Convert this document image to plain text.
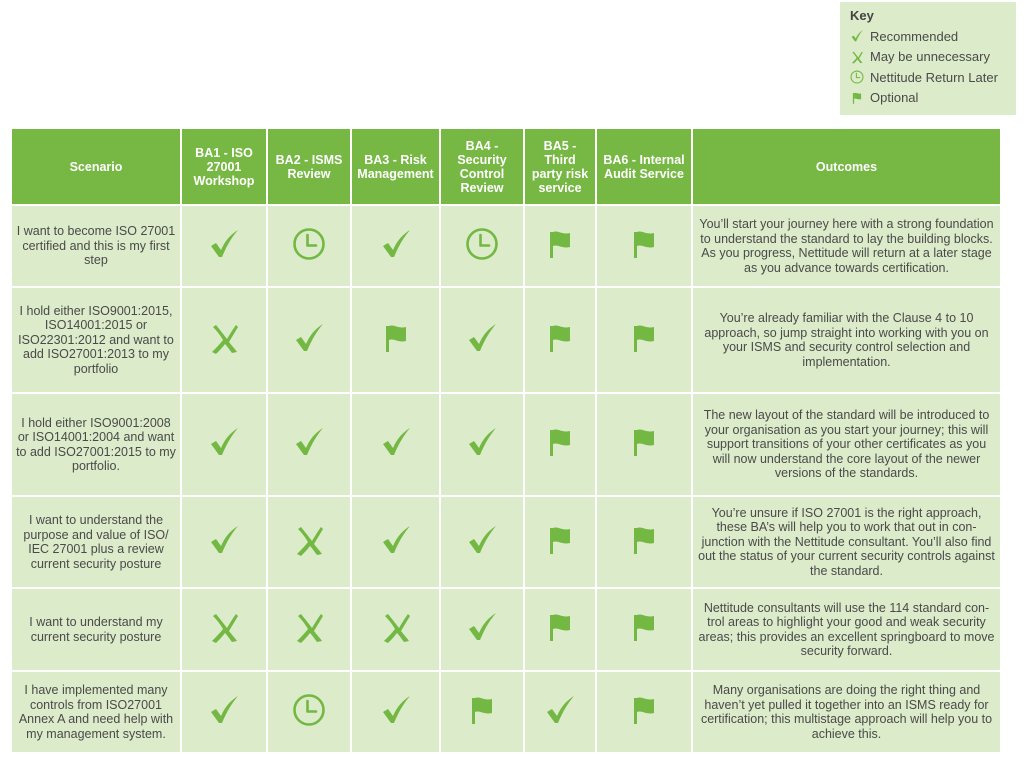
Key
Recommended
May be unnecessary
Nettitude Return Later
Optional
Scenario	BA1 - ISO 27001 Workshop	BA2 - ISMS Review	BA3 - Risk Management	BA4 - Security Control Review	BA5 - Third party risk service	BA6 - Internal Audit Service	Outcomes
I want to become ISO 27001 certified and this is my first step							You’ll start your journey here with a strong foundation to understand the standard to lay the building blocks. As you progress, Nettitude will return at a later stage as you advance towards certification.
I hold either ISO9001:2015, ISO14001:2015 or ISO22301:2012 and want to add ISO27001:2013 to my portfolio							You’re already familiar with the Clause 4 to 10 approach, so jump straight into working with you on your ISMS and security control selection and implementation.
I hold either ISO9001:2008 or ISO14001:2004 and want to add ISO27001:2015 to my portfolio.							The new layout of the standard will be introduced to your organisation as you start your journey; this will support transitions of your other certificates as you will now understand the core layout of the newer versions of the standards.
I want to understand the purpose and value of ISO/ IEC 27001 plus a review current security posture							You’re unsure if ISO 27001 is the right approach, these BA’s will help you to work that out in con-junction with the Nettitude consultant. You’ll also find out the status of your current security controls against the standard.
I want to understand my current security posture							Nettitude consultants will use the 114 standard con-trol areas to highlight your good and weak security areas; this provides an excellent springboard to move security forward.
I have implemented many controls from ISO27001 Annex A and need help with my management system.							Many organisations are doing the right thing and haven’t yet pulled it together into an ISMS ready for certification; this multistage approach will help you to achieve this.
